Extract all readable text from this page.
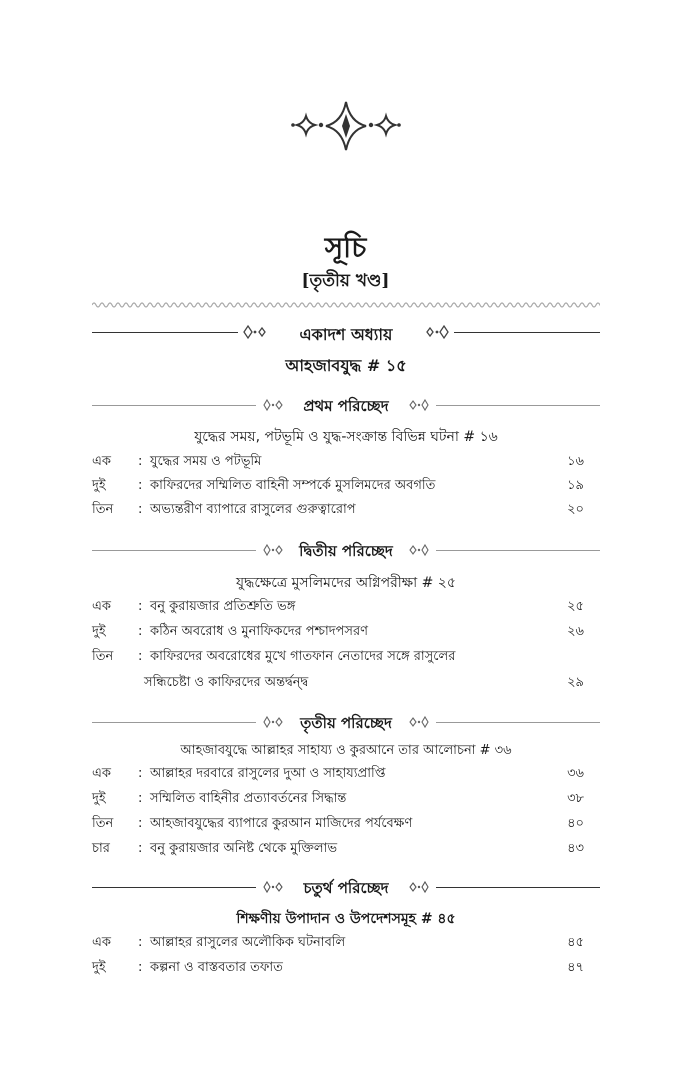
সূচি
[তৃতীয় খণ্ড]
একাদশ অধ্যায়
আহজাবযুদ্ধ # ১৫
প্রথম পরিচ্ছেদ
যুদ্ধের সময়, পটভূমি ও যুদ্ধ-সংক্রান্ত বিভিন্ন ঘটনা # ১৬
এক	: যুদ্ধের সময় ও পটভূমি	১৬
দুই	: কাফিরদের সম্মিলিত বাহিনী সম্পর্কে মুসলিমদের অবগতি	১৯
তিন	: অভ্যন্তরীণ ব্যাপারে রাসুলের গুরুত্বারোপ	২০
দ্বিতীয় পরিচ্ছেদ
যুদ্ধক্ষেত্রে মুসলিমদের অগ্নিপরীক্ষা # ২৫
এক	: বনু কুরায়জার প্রতিশ্রুতি ভঙ্গ	২৫
দুই	: কঠিন অবরোধ ও মুনাফিকদের পশ্চাদপসরণ	২৬
তিন	: কাফিরদের অবরোধের মুখে গাতফান নেতাদের সঙ্গে রাসুলের
সন্ধিচেষ্টা ও কাফিরদের অন্তর্দ্বন্দ্ব	২৯
তৃতীয় পরিচ্ছেদ
আহজাবযুদ্ধে আল্লাহর সাহায্য ও কুরআনে তার আলোচনা # ৩৬
এক	: আল্লাহর দরবারে রাসুলের দুআ ও সাহায্যপ্রাপ্তি	৩৬
দুই	: সম্মিলিত বাহিনীর প্রত্যাবর্তনের সিদ্ধান্ত	৩৮
তিন	: আহজাবযুদ্ধের ব্যাপারে কুরআন মাজিদের পর্যবেক্ষণ	৪০
চার	: বনু কুরায়জার অনিষ্ট থেকে মুক্তিলাভ	৪৩
চতুর্থ পরিচ্ছেদ
শিক্ষণীয় উপাদান ও উপদেশসমূহ # ৪৫
এক	: আল্লাহর রাসুলের অলৌকিক ঘটনাবলি	৪৫
দুই	: কল্পনা ও বাস্তবতার তফাত	৪৭
